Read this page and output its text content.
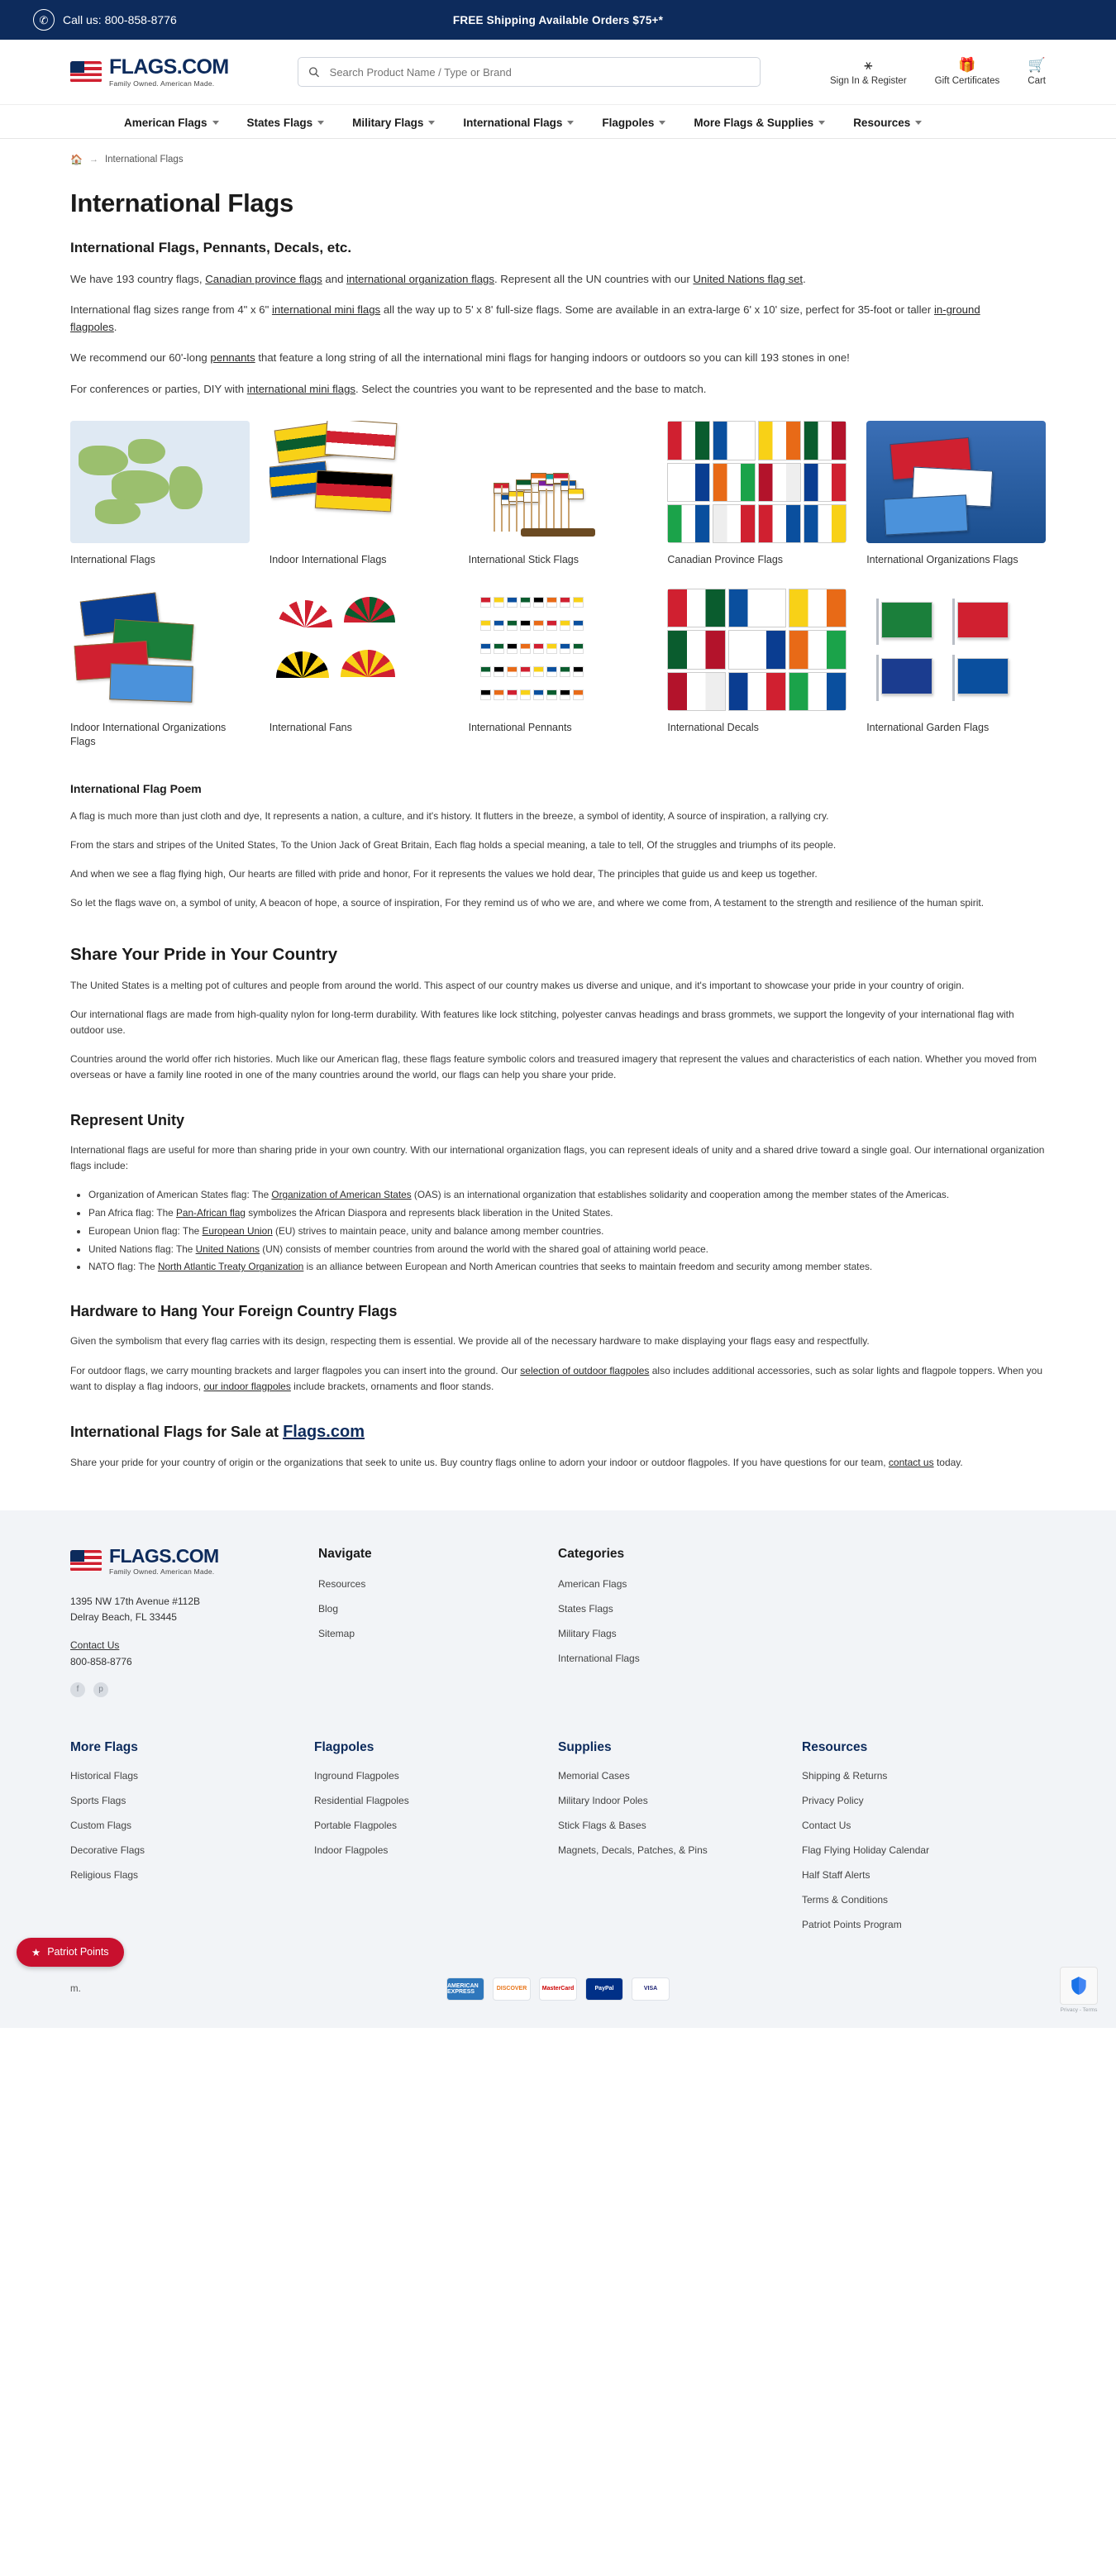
✆	Call us: 800-858-8776	FREE Shipping Available Orders $75+*
FLAGS.COM
Family Owned. American Made.
Search Product Name / Type or Brand
⚹
Sign In & Register
🎁
Gift Certificates
🛒
Cart
American Flags	States Flags	Military Flags	International Flags	Flagpoles	More Flags & Supplies	Resources
🏠 → International Flags
International Flags
International Flags, Pennants, Decals, etc.

We have 193 country flags, Canadian province flags and international organization flags. Represent all the UN countries with our United Nations flag set.

International flag sizes range from 4" x 6" international mini flags all the way up to 5' x 8' full-size flags. Some are available in an extra-large 6' x 10' size, perfect for 35-foot or taller in-ground flagpoles.

We recommend our 60'-long pennants that feature a long string of all the international mini flags for hanging indoors or outdoors so you can kill 193 stones in one!

For conferences or parties, DIY with international mini flags. Select the countries you want to be represented and the base to match.

International Flags	Indoor International Flags	International Stick Flags	Canadian Province Flags	International Organizations Flags
Indoor International Organizations Flags
International Fans	International Pennants	International Decals	International Garden Flags
International Flag Poem

A flag is much more than just cloth and dye, It represents a nation, a culture, and it's history. It flutters in the breeze, a symbol of identity, A source of inspiration, a rallying cry.

From the stars and stripes of the United States, To the Union Jack of Great Britain, Each flag holds a special meaning, a tale to tell, Of the struggles and triumphs of its people.

And when we see a flag flying high, Our hearts are filled with pride and honor, For it represents the values we hold dear, The principles that guide us and keep us together.

So let the flags wave on, a symbol of unity, A beacon of hope, a source of inspiration, For they remind us of who we are, and where we come from, A testament to the strength and resilience of the human spirit.

Share Your Pride in Your Country

The United States is a melting pot of cultures and people from around the world. This aspect of our country makes us diverse and unique, and it's important to showcase your pride in your country of origin.

Our international flags are made from high-quality nylon for long-term durability. With features like lock stitching, polyester canvas headings and brass grommets, we support the longevity of your international flag with outdoor use.

Countries around the world offer rich histories. Much like our American flag, these flags feature symbolic colors and treasured imagery that represent the values and characteristics of each nation. Whether you moved from overseas or have a family line rooted in one of the many countries around the world, our flags can help you share your pride.

Represent Unity

International flags are useful for more than sharing pride in your own country. With our international organization flags, you can represent ideals of unity and a shared drive toward a single goal. Our international organization flags include:

• Organization of American States flag: The Organization of American States (OAS) is an international organization that establishes solidarity and cooperation among the member states of the Americas.
• Pan Africa flag: The Pan-African flag symbolizes the African Diaspora and represents black liberation in the United States.
• European Union flag: The European Union (EU) strives to maintain peace, unity and balance among member countries.
• United Nations flag: The United Nations (UN) consists of member countries from around the world with the shared goal of attaining world peace.
• NATO flag: The North Atlantic Treaty Organization is an alliance between European and North American countries that seeks to maintain freedom and security among member states.
Hardware to Hang Your Foreign Country Flags

Given the symbolism that every flag carries with its design, respecting them is essential. We provide all of the necessary hardware to make displaying your flags easy and respectfully.

For outdoor flags, we carry mounting brackets and larger flagpoles you can insert into the ground. Our selection of outdoor flagpoles also includes additional accessories, such as solar lights and flagpole toppers. When you want to display a flag indoors, our indoor flagpoles include brackets, ornaments and floor stands.

International Flags for Sale at Flags.com

Share your pride for your country of origin or the organizations that seek to unite us. Buy country flags online to adorn your indoor or outdoor flagpoles. If you have questions for our team, contact us today.

FLAGS.COM
Family Owned. American Made.
1395 NW 17th Avenue #112B
Delray Beach, FL 33445
Contact Us
800-858-8776
f	p
Navigate
Resources
Blog
Sitemap
Categories
American Flags
States Flags
Military Flags
International Flags
More Flags
Historical Flags
Sports Flags
Custom Flags
Decorative Flags
Religious Flags
Flagpoles
Inground Flagpoles
Residential Flagpoles
Portable Flagpoles
Indoor Flagpoles
Supplies
Memorial Cases
Military Indoor Poles
Stick Flags & Bases
Magnets, Decals, Patches, & Pins
Resources
Shipping & Returns
Privacy Policy
Contact Us
Flag Flying Holiday Calendar
Half Staff Alerts
Terms & Conditions
Patriot Points Program
m.	AMERICAN EXPRESS	DISCOVER	MasterCard	PayPal	VISA
★ Patriot Points
Privacy - Terms
